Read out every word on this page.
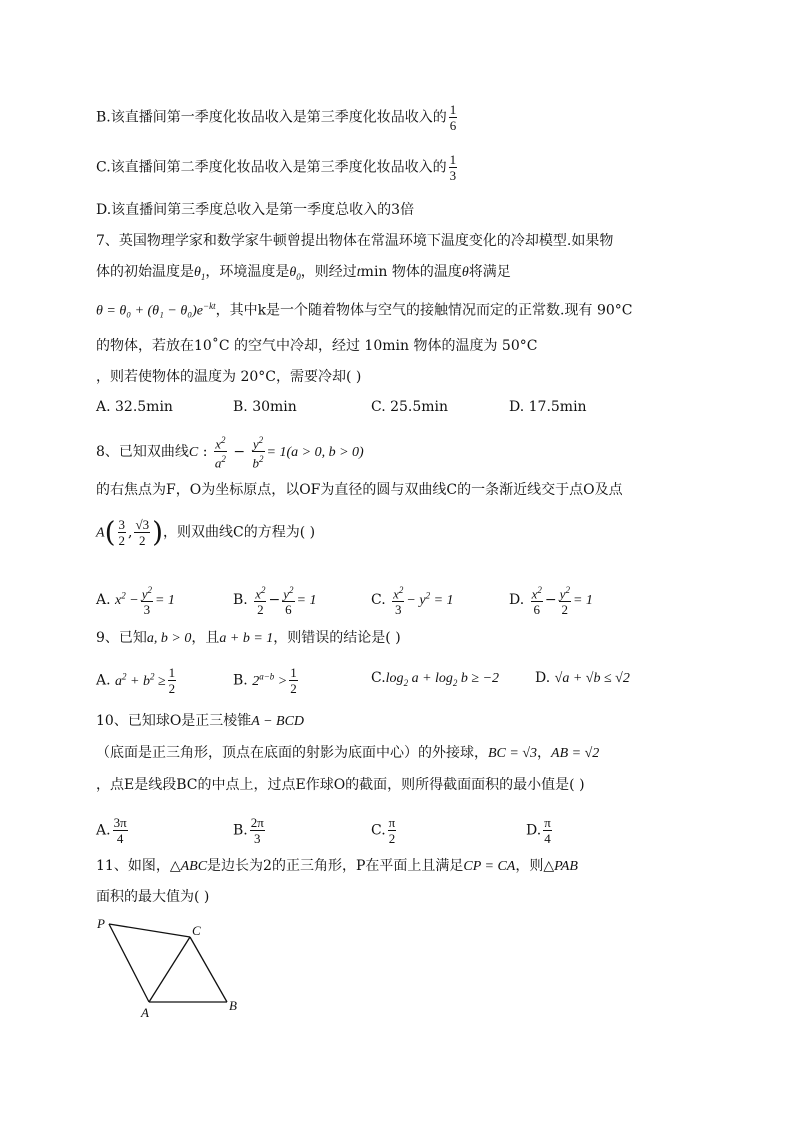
B.该直播间第一季度化妆品收入是第三季度化妆品收入的 $\frac{1}{6}$
C.该直播间第二季度化妆品收入是第三季度化妆品收入的 $\frac{1}{3}$
D.该直播间第三季度总收入是第一季度总收入的3倍
7、英国物理学家和数学家牛顿曾提出物体在常温环境下温度变化的冷却模型.如果物
体的初始温度是$\theta_1$，环境温度是$\theta_0$，则经过tmin 物体的温度θ将满足
$\theta = \theta_0 + (\theta_1 - \theta_0)e^{-kt}$，其中k是一个随着物体与空气的接触情况而定的正常数.现有 90°C
的物体，若放在10˚C 的空气中冷却，经过 10min 物体的温度为 50°C
，则若使物体的温度为 20°C，需要冷却( )
A. 32.5min	B. 30min	C. 25.5min	D. 17.5min
8、已知双曲线C : $\frac{x^2}{a^2} - \frac{y^2}{b^2} = 1(a > 0$, b > 0)
的右焦点为F，O为坐标原点，以OF为直径的圆与双曲线C的一条渐近线交于点O及点
$A( \frac{3}{2}$ , $\frac{√3}{2}$ )，则双曲线C的方程为( )
A. $x^2 - \frac{y^2}{3} = 1$	B. $\frac{x^2}{2} - \frac{y^2}{6} = 1$	C. $\frac{x^2}{3} - y^2 = 1$	D. $\frac{x^2}{6} - \frac{y^2}{2} = 1$
9、已知a, b > 0，且a + b = 1，则错误的结论是( )
A. $a^2 + b^2 \ge \frac{1}{2}$	B. $2^{a-b} > \frac{1}{2}$	$C.\log_2$ $a + \log_2 b \ge -2$	D. √a + √b ≤ √2
10、已知球O是正三棱锥A − BCD
（底面是正三角形，顶点在底面的射影为底面中心）的外接球，BC = √3，AB = √2
，点E是线段BC的中点上，过点E作球O的截面，则所得截面面积的最小值是( )
A. $\frac{3\pi}{4}$	B. $\frac{2\pi}{3}$	C. $\frac{\pi}{2}$	D. $\frac{\pi}{4}$
11、如图，△ABC是边长为2的正三角形，P在平面上且满足CP = CA，则△PAB
面积的最大值为( )
P	C
A	B
